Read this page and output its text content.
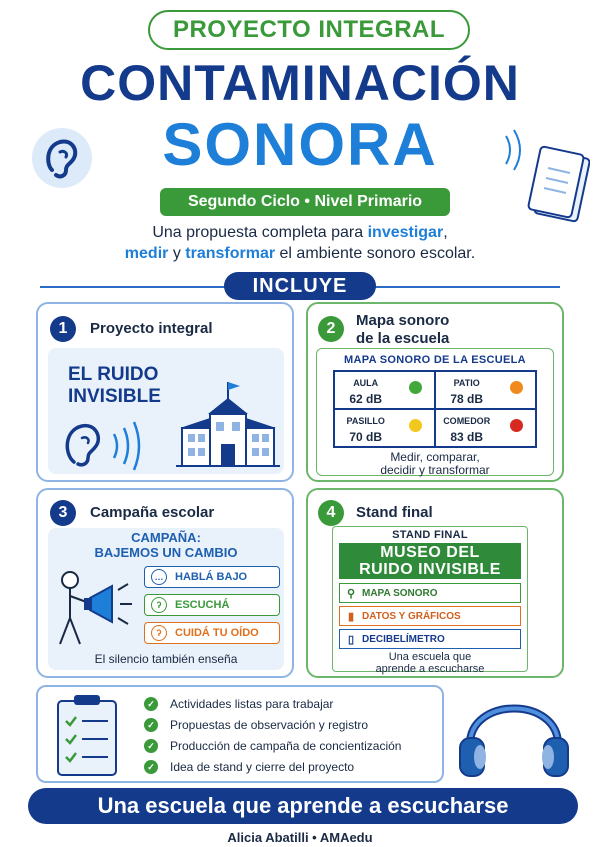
PROYECTO INTEGRAL
CONTAMINACIÓN
SONORA
Segundo Ciclo • Nivel Primario
Una propuesta completa para investigar,
medir y transformar el ambiente sonoro escolar.
INCLUYE
1	Proyecto integral
EL RUIDO
INVISIBLE
2	Mapa sonoro
de la escuela
MAPA SONORO DE LA ESCUELA
AULA
62 dB
PATIO
78 dB
PASILLO
70 dB
COMEDOR
83 dB
Medir, comparar,
decidir y transformar
3	Campaña escolar
CAMPAÑA:
BAJEMOS UN CAMBIO
…	HABLÁ BAJO
ʔ	ESCUCHÁ
ʔ	CUIDÁ TU OÍDO
El silencio también enseña
4	Stand final
STAND FINAL
MUSEO DEL
RUIDO INVISIBLE
⚲ MAPA SONORO
▮ DATOS Y GRÁFICOS
▯ DECIBELÍMETRO
Una escuela que
aprende a escucharse
✓ Actividades listas para trabajar
✓ Propuestas de observación y registro
✓ Producción de campaña de concientización
✓ Idea de stand y cierre del proyecto
Una escuela que aprende a escucharse
Alicia Abatilli • AMAedu
